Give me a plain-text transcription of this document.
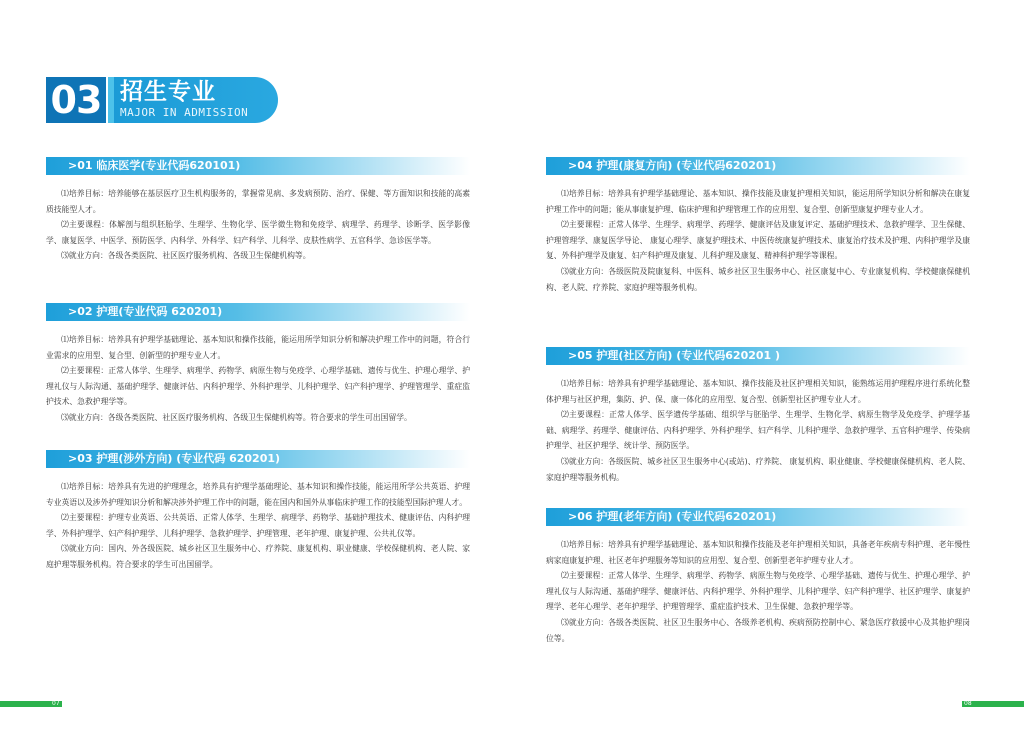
03 招生专业
MAJOR IN ADMISSION
>01 临床医学(专业代码620101)

⑴培养目标：培养能够在基层医疗卫生机构服务的，掌握常见病、多发病预防、治疗、保健、等方面知识和技能的高素质技能型人才。

⑵主要课程：体解剖与组织胚胎学、生理学、生物化学、医学微生物和免疫学、病理学、药理学、诊断学、医学影像学、康复医学、中医学、预防医学、内科学、外科学、妇产科学、儿科学、皮肤性病学、五官科学、急诊医学等。

⑶就业方向：各级各类医院、社区医疗服务机构、各级卫生保健机构等。

>02 护理(专业代码 620201)

⑴培养目标：培养具有护理学基础理论、基本知识和操作技能，能运用所学知识分析和解决护理工作中的问题，符合行业需求的应用型、复合型、创新型的护理专业人才。

⑵主要课程：正常人体学、生理学、病理学、药物学、病原生物与免疫学、心理学基础、遗传与优生、护理心理学、护理礼仪与人际沟通、基础护理学、健康评估、内科护理学、外科护理学、儿科护理学、妇产科护理学、护理管理学、重症监护技术、急救护理学等。

⑶就业方向：各级各类医院、社区医疗服务机构、各级卫生保健机构等。符合要求的学生可出国留学。

>03 护理(涉外方向) (专业代码 620201)

⑴培养目标：培养具有先进的护理理念，培养具有护理学基础理论、基本知识和操作技能，能运用所学公共英语、护理专业英语以及涉外护理知识分析和解决涉外护理工作中的问题，能在国内和国外从事临床护理工作的技能型国际护理人才。

⑵主要课程：护理专业英语、公共英语、正常人体学、生理学、病理学、药物学、基础护理技术、健康评估、内科护理学、外科护理学、妇产科护理学、儿科护理学、急救护理学、护理管理、老年护理、康复护理、公共礼仪等。

⑶就业方向：国内、外各级医院、城乡社区卫生服务中心、疗养院、康复机构、职业健康、学校保健机构、老人院、家庭护理等服务机构。符合要求的学生可出国留学。

07
>04 护理(康复方向) (专业代码620201)

⑴培养目标：培养具有护理学基础理论、基本知识、操作技能及康复护理相关知识，能运用所学知识分析和解决在康复护理工作中的问题；能从事康复护理、临床护理和护理管理工作的应用型、复合型、创新型康复护理专业人才。

⑵主要课程：正常人体学、生理学、病理学、药理学、健康评估及康复评定、基础护理技术、急救护理学、卫生保健、护理管理学、康复医学导论、 康复心理学、康复护理技术、中医传统康复护理技术、康复治疗技术及护理、内科护理学及康复、外科护理学及康复、妇产科护理及康复、儿科护理及康复、精神科护理学等课程。

⑶就业方向：各级医院及院康复科、中医科、城乡社区卫生服务中心、社区康复中心、专业康复机构、学校健康保健机构、老人院、疗养院、家庭护理等服务机构。

>05 护理(社区方向) (专业代码620201 )

⑴培养目标：培养具有护理学基础理论、基本知识、操作技能及社区护理相关知识，能熟练运用护理程序进行系统化整体护理与社区护理，集防、护、保、康一体化的应用型、复合型、创新型社区护理专业人才。

⑵主要课程：正常人体学、医学遗传学基础、组织学与胚胎学、生理学、生物化学、病原生物学及免疫学、护理学基础、病理学、药理学、健康评估、内科护理学、外科护理学、妇产科学、儿科护理学、急救护理学、五官科护理学、传染病护理学、社区护理学、统计学、预防医学。

⑶就业方向：各级医院、城乡社区卫生服务中心(或站)、疗养院、 康复机构、职业健康、学校健康保健机构、老人院、家庭护理等服务机构。

>06 护理(老年方向) (专业代码620201)

⑴培养目标：培养具有护理学基础理论、基本知识和操作技能及老年护理相关知识，具备老年疾病专科护理、老年慢性病家庭康复护理、社区老年护理服务等知识的应用型、复合型、创新型老年护理专业人才。

⑵主要课程：正常人体学、生理学、病理学、药物学、病原生物与免疫学、心理学基础、遗传与优生、护理心理学、护理礼仪与人际沟通、基础护理学、健康评估、内科护理学、外科护理学、儿科护理学、妇产科护理学、社区护理学、康复护理学、老年心理学、老年护理学、护理管理学、重症监护技术、卫生保健、急救护理学等。

⑶就业方向：各级各类医院、社区卫生服务中心、各级养老机构、疾病预防控制中心、紧急医疗救援中心及其他护理岗位等。

08
